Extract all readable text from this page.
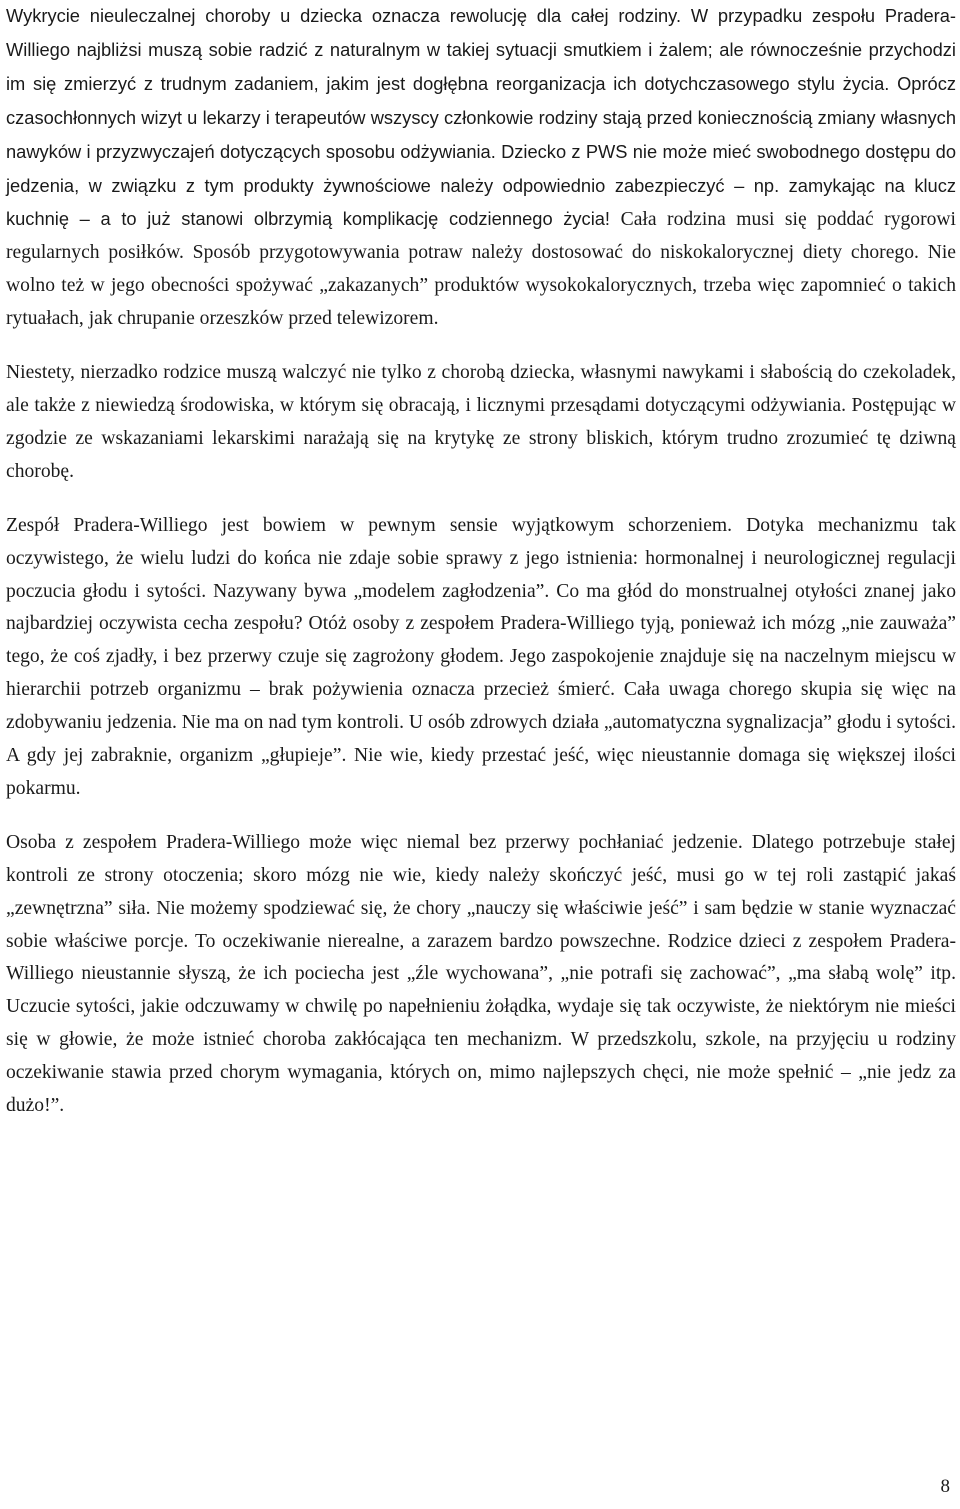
Wykrycie nieuleczalnej choroby u dziecka oznacza rewolucję dla całej rodziny. W przypadku zespołu Pradera-Williego najbliżsi muszą sobie radzić z naturalnym w takiej sytuacji smutkiem i żalem; ale równocześnie przychodzi im się zmierzyć z trudnym zadaniem, jakim jest dogłębna reorganizacja ich dotychczasowego stylu życia. Oprócz czasochłonnych wizyt u lekarzy i terapeutów wszyscy członkowie rodziny stają przed koniecznością zmiany własnych nawyków i przyzwyczajeń dotyczących sposobu odżywiania. Dziecko z PWS nie może mieć swobodnego dostępu do jedzenia, w związku z tym produkty żywnościowe należy odpowiednio zabezpieczyć – np. zamykając na klucz kuchnię – a to już stanowi olbrzymią komplikację codziennego życia! Cała rodzina musi się poddać rygorowi regularnych posiłków. Sposób przygotowywania potraw należy dostosować do niskokalorycznej diety chorego. Nie wolno też w jego obecności spożywać „zakazanych” produktów wysokokalorycznych, trzeba więc zapomnieć o takich rytuałach, jak chrupanie orzeszków przed telewizorem.

Niestety, nierzadko rodzice muszą walczyć nie tylko z chorobą dziecka, własnymi nawykami i słabością do czekoladek, ale także z niewiedzą środowiska, w którym się obracają, i licznymi przesądami dotyczącymi odżywiania. Postępując w zgodzie ze wskazaniami lekarskimi narażają się na krytykę ze strony bliskich, którym trudno zrozumieć tę dziwną chorobę.

Zespół Pradera-Williego jest bowiem w pewnym sensie wyjątkowym schorzeniem. Dotyka mechanizmu tak oczywistego, że wielu ludzi do końca nie zdaje sobie sprawy z jego istnienia: hormonalnej i neurologicznej regulacji poczucia głodu i sytości. Nazywany bywa „modelem zagłodzenia”. Co ma głód do monstrualnej otyłości znanej jako najbardziej oczywista cecha zespołu? Otóż osoby z zespołem Pradera-Williego tyją, ponieważ ich mózg „nie zauważa” tego, że coś zjadły, i bez przerwy czuje się zagrożony głodem. Jego zaspokojenie znajduje się na naczelnym miejscu w hierarchii potrzeb organizmu – brak pożywienia oznacza przecież śmierć. Cała uwaga chorego skupia się więc na zdobywaniu jedzenia. Nie ma on nad tym kontroli. U osób zdrowych działa „automatyczna sygnalizacja” głodu i sytości. A gdy jej zabraknie, organizm „głupieje”. Nie wie, kiedy przestać jeść, więc nieustannie domaga się większej ilości pokarmu.

Osoba z zespołem Pradera-Williego może więc niemal bez przerwy pochłaniać jedzenie. Dlatego potrzebuje stałej kontroli ze strony otoczenia; skoro mózg nie wie, kiedy należy skończyć jeść, musi go w tej roli zastąpić jakaś „zewnętrzna” siła. Nie możemy spodziewać się, że chory „nauczy się właściwie jeść” i sam będzie w stanie wyznaczać sobie właściwe porcje. To oczekiwanie nierealne, a zarazem bardzo powszechne. Rodzice dzieci z zespołem Pradera-Williego nieustannie słyszą, że ich pociecha jest „źle wychowana”, „nie potrafi się zachować”, „ma słabą wolę” itp. Uczucie sytości, jakie odczuwamy w chwilę po napełnieniu żołądka, wydaje się tak oczywiste, że niektórym nie mieści się w głowie, że może istnieć choroba zakłócająca ten mechanizm. W przedszkolu, szkole, na przyjęciu u rodziny oczekiwanie stawia przed chorym wymagania, których on, mimo najlepszych chęci, nie może spełnić – „nie jedz za dużo!”.

8
